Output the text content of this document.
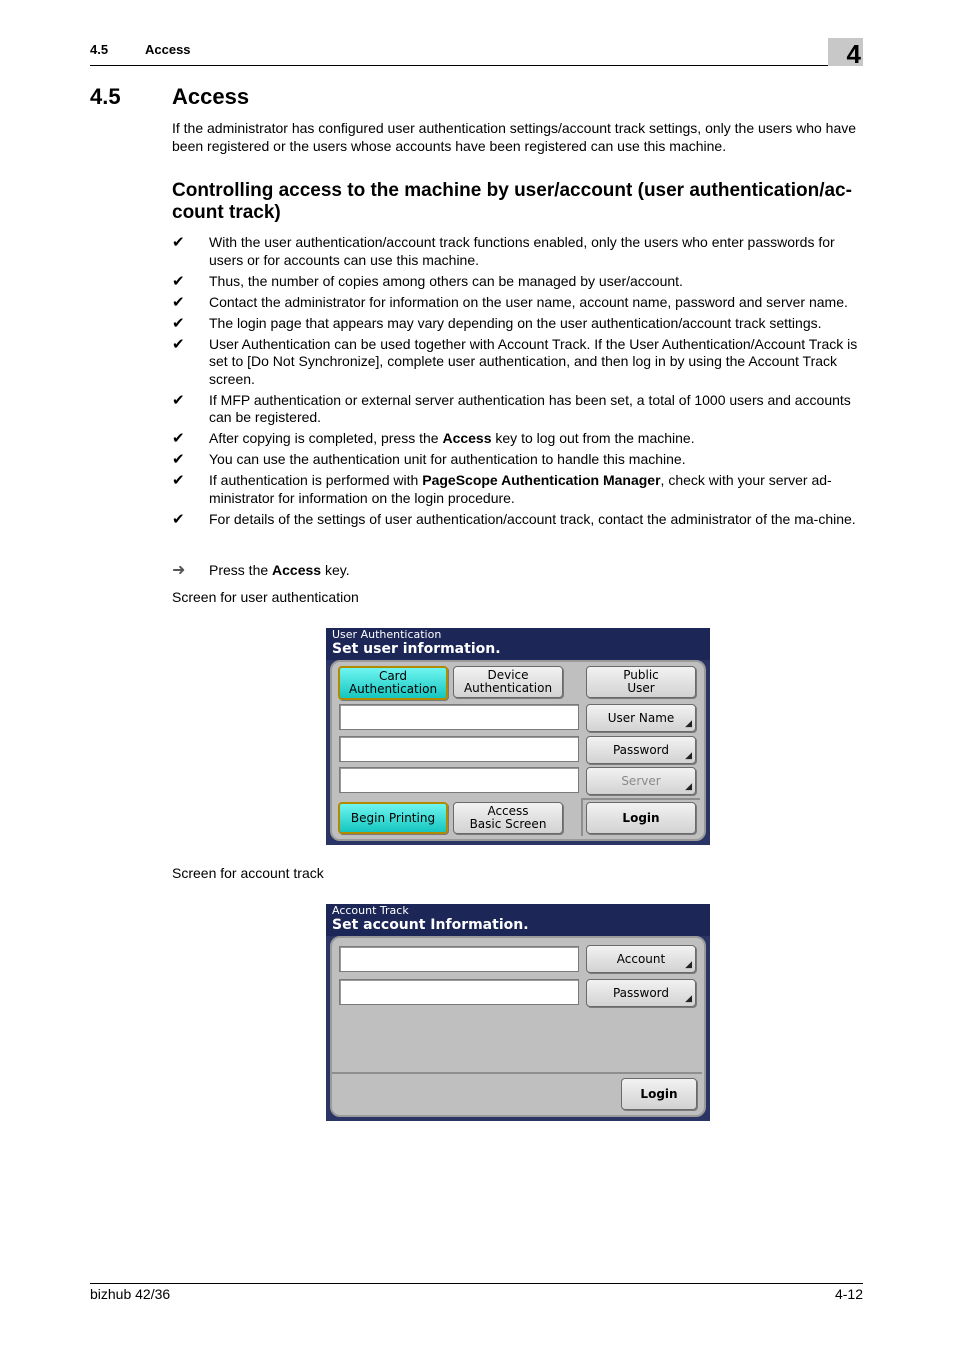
4.5	Access	4
4.5 Access
If the administrator has configured user authentication settings/account track settings, only the users who have been registered or the users whose accounts have been registered can use this machine.
Controlling access to the machine by user/account (user authentication/ac-count track)
✔ With the user authentication/account track functions enabled, only the users who enter passwords for users or for accounts can use this machine.
✔ Thus, the number of copies among others can be managed by user/account.
✔ Contact the administrator for information on the user name, account name, password and server name.
✔ The login page that appears may vary depending on the user authentication/account track settings.
✔ User Authentication can be used together with Account Track. If the User Authentication/Account Track is set to [Do Not Synchronize], complete user authentication, and then log in by using the Account Track screen.
✔ If MFP authentication or external server authentication has been set, a total of 1000 users and accounts can be registered.
✔ After copying is completed, press the Access key to log out from the machine.
✔ You can use the authentication unit for authentication to handle this machine.
✔ If authentication is performed with PageScope Authentication Manager, check with your server ad-ministrator for information on the login procedure.
✔ For details of the settings of user authentication/account track, contact the administrator of the ma-chine.
➜ Press the Access key.
Screen for user authentication
User Authentication
Set user information.
Card
Authentication
Device
Authentication
Public
User
User Name ◢
Password ◢
Server	◢
Begin Printing	Access
Basic Screen	Login
Screen for account track
Account Track
Set account Information.
Account ◢
Password ◢
Login
bizhub 42/36	4-12
